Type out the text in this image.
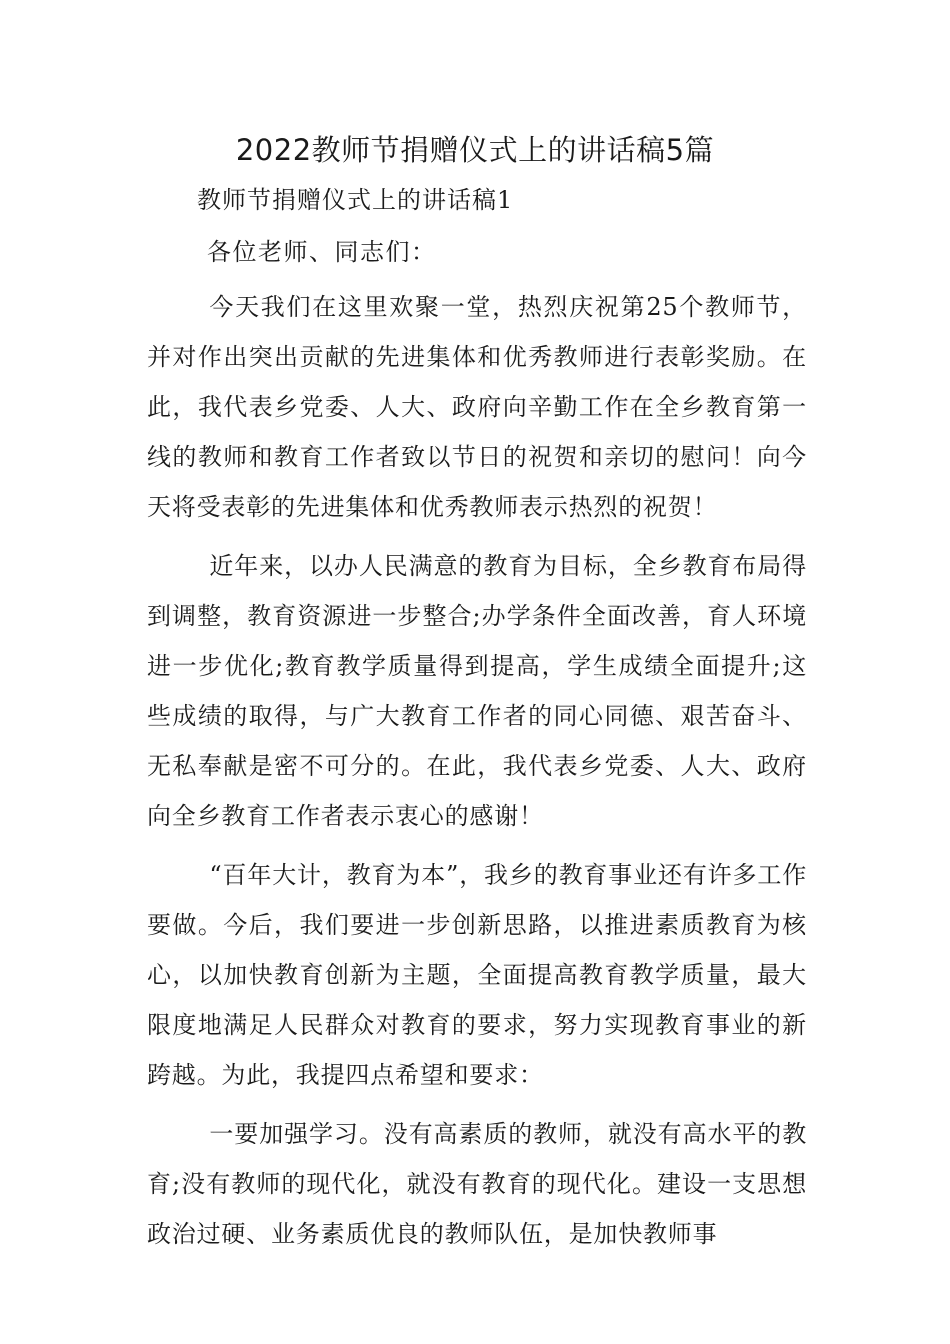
2022教师节捐赠仪式上的讲话稿5篇

教师节捐赠仪式上的讲话稿1

各位老师、同志们：

今天我们在这里欢聚一堂，热烈庆祝第25个教师节，并对作出突出贡献的先进集体和优秀教师进行表彰奖励。在此，我代表乡党委、人大、政府向辛勤工作在全乡教育第一线的教师和教育工作者致以节日的祝贺和亲切的慰问！向今天将受表彰的先进集体和优秀教师表示热烈的祝贺！

近年来，以办人民满意的教育为目标，全乡教育布局得到调整，教育资源进一步整合;办学条件全面改善，育人环境进一步优化;教育教学质量得到提高，学生成绩全面提升;这些成绩的取得，与广大教育工作者的同心同德、艰苦奋斗、无私奉献是密不可分的。在此，我代表乡党委、人大、政府向全乡教育工作者表示衷心的感谢！

“百年大计，教育为本”，我乡的教育事业还有许多工作要做。今后，我们要进一步创新思路，以推进素质教育为核心，以加快教育创新为主题，全面提高教育教学质量，最大限度地满足人民群众对教育的要求，努力实现教育事业的新跨越。为此，我提四点希望和要求：

一要加强学习。没有高素质的教师，就没有高水平的教育;没有教师的现代化，就没有教育的现代化。建设一支思想政治过硬、业务素质优良的教师队伍，是加快教师事
